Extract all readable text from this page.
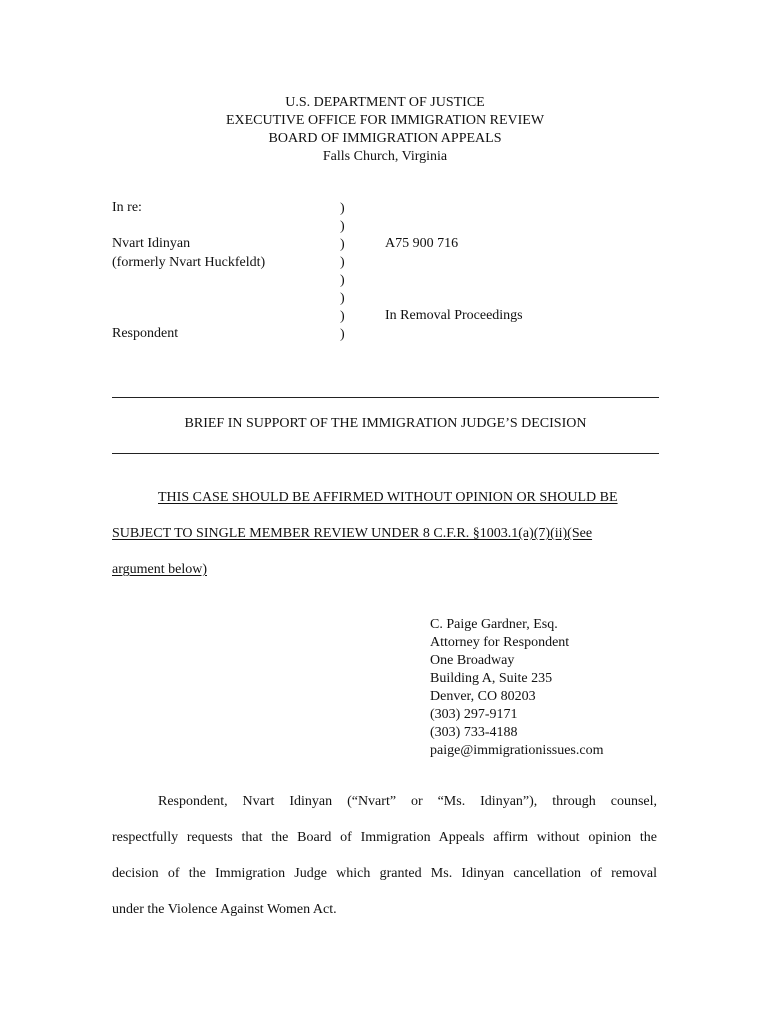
U.S. DEPARTMENT OF JUSTICE
EXECUTIVE OFFICE FOR IMMIGRATION REVIEW
BOARD OF IMMIGRATION APPEALS
Falls Church, Virginia
In re:
Nvart Idinyan
(formerly Nvart Huckfeldt)
Respondent
)
)
)
)
)
)
)
)
A75 900 716
In Removal Proceedings
BRIEF IN SUPPORT OF THE IMMIGRATION JUDGE’S DECISION
THIS CASE SHOULD BE AFFIRMED WITHOUT OPINION OR SHOULD BE
SUBJECT TO SINGLE MEMBER REVIEW UNDER 8 C.F.R. §1003.1(a)(7)(ii)(See
argument below)
C. Paige Gardner, Esq.
Attorney for Respondent
One Broadway
Building A, Suite 235
Denver, CO 80203
(303) 297-9171
(303) 733-4188
paige@immigrationissues.com
Respondent, Nvart Idinyan (“Nvart” or “Ms. Idinyan”), through counsel,
respectfully requests that the Board of Immigration Appeals affirm without opinion the
decision of the Immigration Judge which granted Ms. Idinyan cancellation of removal
under the Violence Against Women Act.
